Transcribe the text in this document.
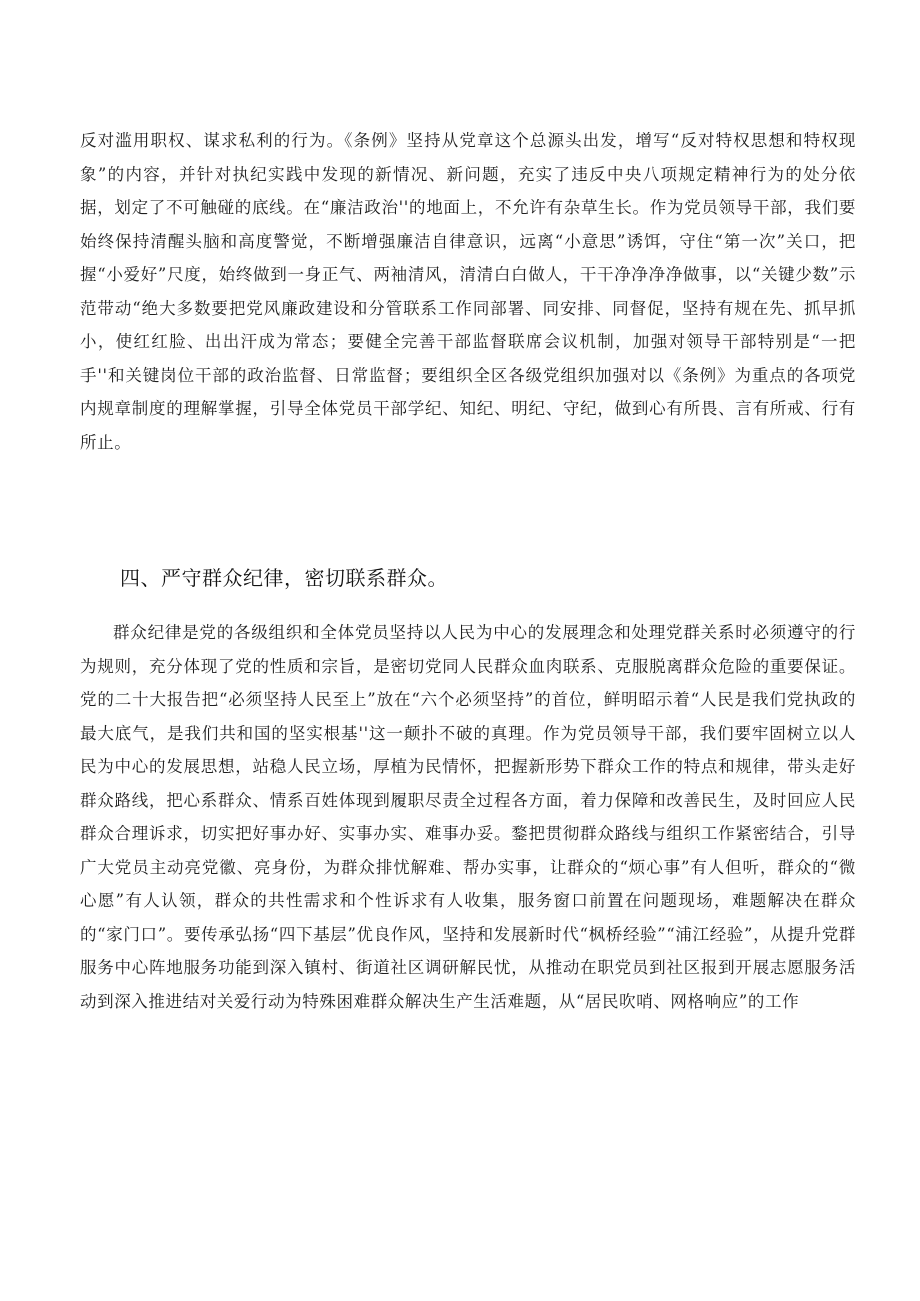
反对滥用职权、谋求私利的行为。《条例》坚持从党章这个总源头出发，增写“反对特权思想和特权现象”的内容，并针对执纪实践中发现的新情况、新问题，充实了违反中央八项规定精神行为的处分依据，划定了不可触碰的底线。在“廉洁政治''的地面上，不允许有杂草生长。作为党员领导干部，我们要始终保持清醒头脑和高度警觉，不断增强廉洁自律意识，远离“小意思”诱饵，守住“第一次”关口，把握“小爱好”尺度，始终做到一身正气、两袖清风，清清白白做人，干干净净净净做事，以“关键少数”示范带动“绝大多数要把党风廉政建设和分管联系工作同部署、同安排、同督促，坚持有规在先、抓早抓小，使红红脸、出出汗成为常态；要健全完善干部监督联席会议机制，加强对领导干部特别是“一把手''和关键岗位干部的政治监督、日常监督；要组织全区各级党组织加强对以《条例》为重点的各项党内规章制度的理解掌握，引导全体党员干部学纪、知纪、明纪、守纪，做到心有所畏、言有所戒、行有所止。

四、严守群众纪律，密切联系群众。

群众纪律是党的各级组织和全体党员坚持以人民为中心的发展理念和处理党群关系时必须遵守的行为规则，充分体现了党的性质和宗旨，是密切党同人民群众血肉联系、克服脱离群众危险的重要保证。党的二十大报告把“必须坚持人民至上”放在“六个必须坚持”的首位，鲜明昭示着“人民是我们党执政的最大底气，是我们共和国的坚实根基''这一颠扑不破的真理。作为党员领导干部，我们要牢固树立以人民为中心的发展思想，站稳人民立场，厚植为民情怀，把握新形势下群众工作的特点和规律，带头走好群众路线，把心系群众、情系百姓体现到履职尽责全过程各方面，着力保障和改善民生，及时回应人民群众合理诉求，切实把好事办好、实事办实、难事办妥。鍪把贯彻群众路线与组织工作紧密结合，引导广大党员主动亮党徽、亮身份，为群众排忧解难、帮办实事，让群众的“烦心事”有人但听，群众的“微心愿”有人认领，群众的共性需求和个性诉求有人收集，服务窗口前置在问题现场，难题解决在群众的“家门口”。要传承弘扬“四下基层”优良作风，坚持和发展新时代“枫桥经验”“浦江经验”，从提升党群服务中心阵地服务功能到深入镇村、街道社区调研解民忧，从推动在职党员到社区报到开展志愿服务活动到深入推进结对关爱行动为特殊困难群众解决生产生活难题，从“居民吹哨、网格响应”的工作
